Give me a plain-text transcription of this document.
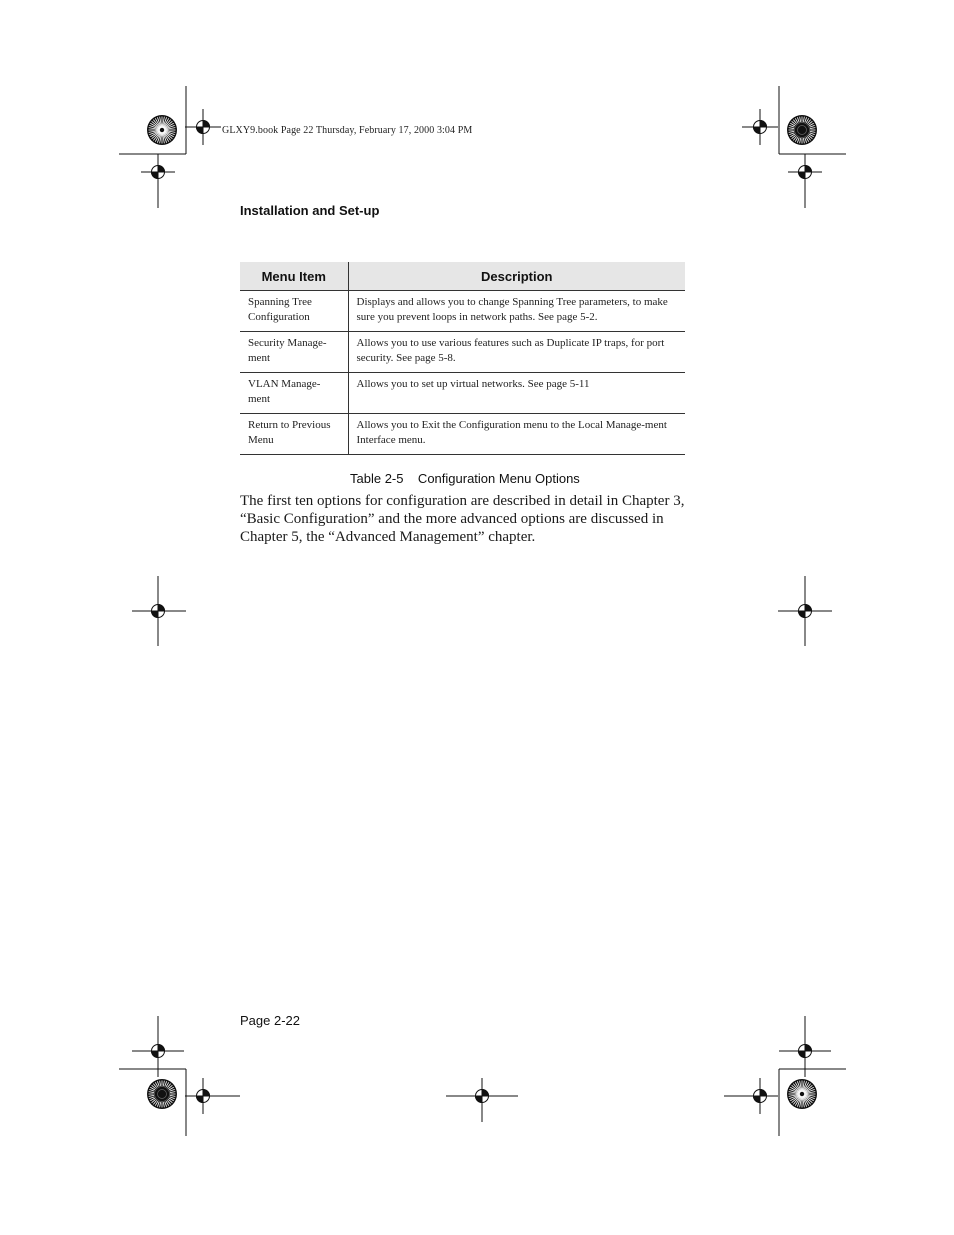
GLXY9.book Page 22 Thursday, February 17, 2000 3:04 PM
Installation and Set-up
Menu Item	Description
Spanning Tree Configuration	Displays and allows you to change Spanning Tree parameters, to make sure you prevent loops in network paths. See page 5-2.
Security Manage-ment	Allows you to use various features such as Duplicate IP traps, for port security. See page 5-8.
VLAN Manage-ment	Allows you to set up virtual networks. See page 5-11
Return to Previous Menu	Allows you to Exit the Configuration menu to the Local Manage-ment Interface menu.
Table 2-5    Configuration Menu Options
The first ten options for configuration are described in detail in Chapter 3, “Basic Configuration” and the more advanced options are discussed in Chapter 5, the “Advanced Management” chapter.
Page 2-22
